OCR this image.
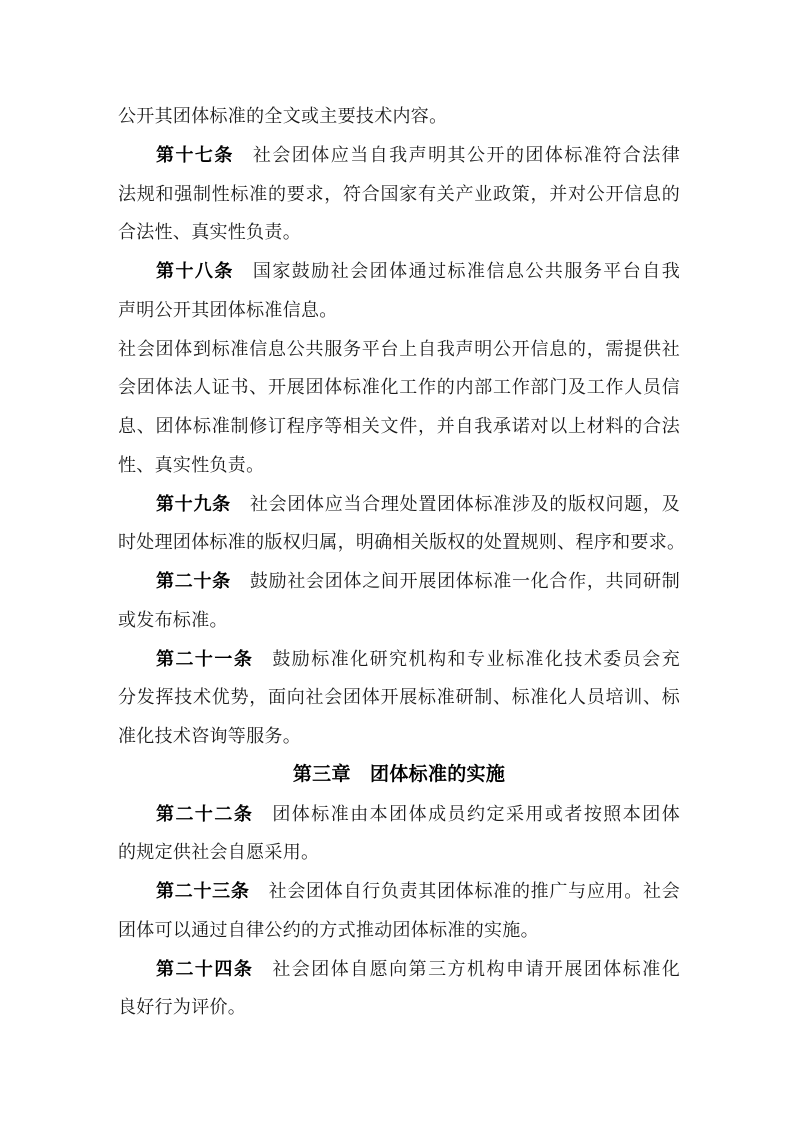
公开其团体标准的全文或主要技术内容。
第十七条 社会团体应当自我声明其公开的团体标准符合法律
法规和强制性标准的要求，符合国家有关产业政策，并对公开信息的
合法性、真实性负责。
第十八条 国家鼓励社会团体通过标准信息公共服务平台自我
声明公开其团体标准信息。
社会团体到标准信息公共服务平台上自我声明公开信息的，需提供社
会团体法人证书、开展团体标准化工作的内部工作部门及工作人员信
息、团体标准制修订程序等相关文件，并自我承诺对以上材料的合法
性、真实性负责。
第十九条 社会团体应当合理处置团体标准涉及的版权问题，及
时处理团体标准的版权归属，明确相关版权的处置规则、程序和要求。
第二十条 鼓励社会团体之间开展团体标准一化合作，共同研制
或发布标准。
第二十一条 鼓励标准化研究机构和专业标准化技术委员会充
分发挥技术优势，面向社会团体开展标准研制、标准化人员培训、标
准化技术咨询等服务。
第三章　团体标准的实施
第二十二条 团体标准由本团体成员约定采用或者按照本团体
的规定供社会自愿采用。
第二十三条 社会团体自行负责其团体标准的推广与应用。社会
团体可以通过自律公约的方式推动团体标准的实施。
第二十四条 社会团体自愿向第三方机构申请开展团体标准化
良好行为评价。
